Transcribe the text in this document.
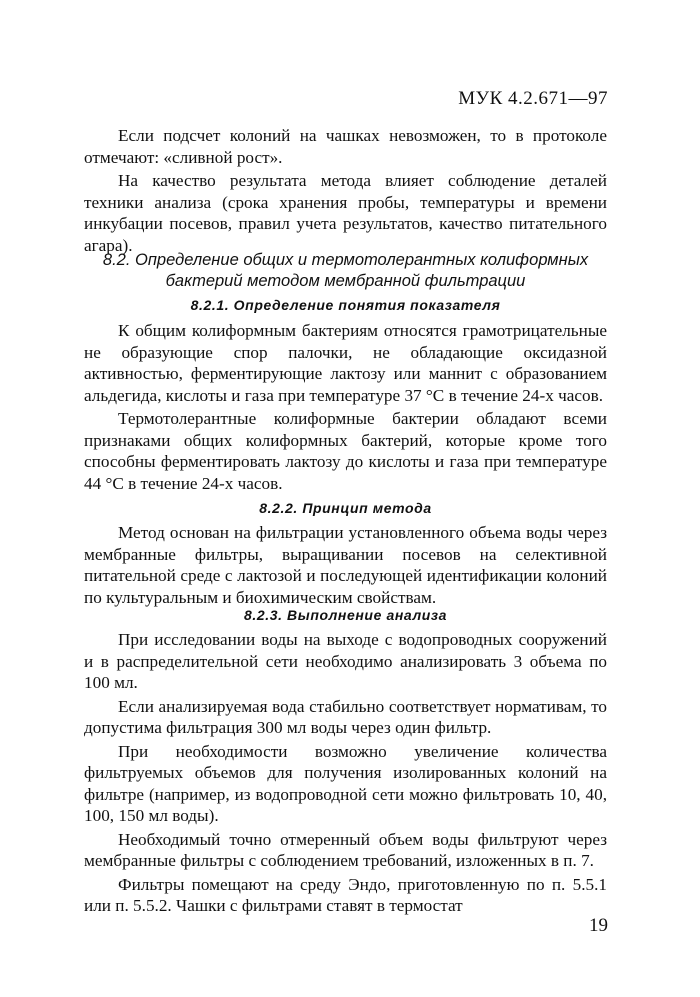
МУК 4.2.671—97

Если подсчет колоний на чашках невозможен, то в протоколе отмечают: «сливной рост».

На качество результата метода влияет соблюдение деталей техники анализа (срока хранения пробы, температуры и времени инкубации посевов, правил учета результатов, качество питательного агара).

8.2. Определение общих и термотолерантных колиформных бактерий методом мембранной фильтрации
8.2.1. Определение понятия показателя

К общим колиформным бактериям относятся грамотрицательные не образующие спор палочки, не обладающие оксидазной активностью, ферментирующие лактозу или маннит с образованием альдегида, кислоты и газа при температуре 37 °С в течение 24-х часов.

Термотолерантные колиформные бактерии обладают всеми признаками общих колиформных бактерий, которые кроме того способны ферментировать лактозу до кислоты и газа при температуре 44 °С в течение 24-х часов.

8.2.2. Принцип метода

Метод основан на фильтрации установленного объема воды через мембранные фильтры, выращивании посевов на селективной питательной среде с лактозой и последующей идентификации колоний по культуральным и биохимическим свойствам.

8.2.3. Выполнение анализа

При исследовании воды на выходе с водопроводных сооружений и в распределительной сети необходимо анализировать 3 объема по 100 мл.

Если анализируемая вода стабильно соответствует нормативам, то допустима фильтрация 300 мл воды через один фильтр.

При необходимости возможно увеличение количества фильтруемых объемов для получения изолированных колоний на фильтре (например, из водопроводной сети можно фильтровать 10, 40, 100, 150 мл воды).

Необходимый точно отмеренный объем воды фильтруют через мембранные фильтры с соблюдением требований, изложенных в п. 7.

Фильтры помещают на среду Эндо, приготовленную по п. 5.5.1 или п. 5.5.2. Чашки с фильтрами ставят в термостат

19
